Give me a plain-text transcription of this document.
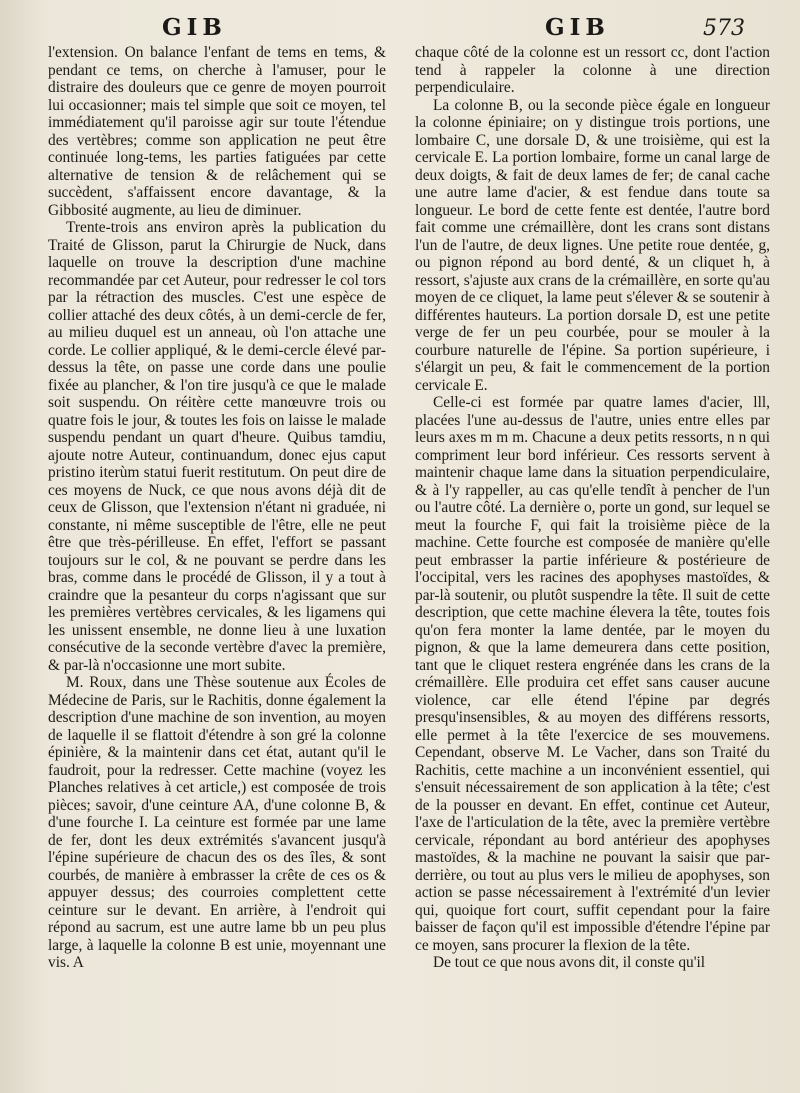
GIB	GIB	573

l'extension. On balance l'enfant de tems en tems, & pendant ce tems, on cherche à l'amuser, pour le distraire des douleurs que ce genre de moyen pourroit lui occasionner; mais tel simple que soit ce moyen, tel immédiatement qu'il paroisse agir sur toute l'étendue des vertèbres; comme son application ne peut être continuée long-tems, les parties fatiguées par cette alternative de tension & de relâchement qui se succèdent, s'affaissent encore davantage, & la Gibbosité augmente, au lieu de diminuer.

Trente-trois ans environ après la publication du Traité de Glisson, parut la Chirurgie de Nuck, dans laquelle on trouve la description d'une machine recommandée par cet Auteur, pour redresser le col tors par la rétraction des muscles. C'est une espèce de collier attaché des deux côtés, à un demi-cercle de fer, au milieu duquel est un anneau, où l'on attache une corde. Le collier appliqué, & le demi-cercle élevé par-dessus la tête, on passe une corde dans une poulie fixée au plancher, & l'on tire jusqu'à ce que le malade soit suspendu. On réitère cette manœuvre trois ou quatre fois le jour, & toutes les fois on laisse le malade suspendu pendant un quart d'heure. Quibus tamdiu, ajoute notre Auteur, continuandum, donec ejus caput pristino iterùm statui fuerit restitutum. On peut dire de ces moyens de Nuck, ce que nous avons déjà dit de ceux de Glisson, que l'extension n'étant ni graduée, ni constante, ni même susceptible de l'être, elle ne peut être que très-périlleuse. En effet, l'effort se passant toujours sur le col, & ne pouvant se perdre dans les bras, comme dans le procédé de Glisson, il y a tout à craindre que la pesanteur du corps n'agissant que sur les premières vertèbres cervicales, & les ligamens qui les unissent ensemble, ne donne lieu à une luxation consécutive de la seconde vertèbre d'avec la première, & par-là n'occasionne une mort subite.

M. Roux, dans une Thèse soutenue aux Écoles de Médecine de Paris, sur le Rachitis, donne également la description d'une machine de son invention, au moyen de laquelle il se flattoit d'étendre à son gré la colonne épinière, & la maintenir dans cet état, autant qu'il le faudroit, pour la redresser. Cette machine (voyez les Planches relatives à cet article,) est composée de trois pièces; savoir, d'une ceinture AA, d'une colonne B, & d'une fourche I. La ceinture est formée par une lame de fer, dont les deux extrémités s'avancent jusqu'à l'épine supérieure de chacun des os des îles, & sont courbés, de manière à embrasser la crête de ces os & appuyer dessus; des courroies complettent cette ceinture sur le devant. En arrière, à l'endroit qui répond au sacrum, est une autre lame bb un peu plus large, à laquelle la colonne B est unie, moyennant une vis. A

chaque côté de la colonne est un ressort cc, dont l'action tend à rappeler la colonne à une direction perpendiculaire.

La colonne B, ou la seconde pièce égale en longueur la colonne épiniaire; on y distingue trois portions, une lombaire C, une dorsale D, & une troisième, qui est la cervicale E. La portion lombaire, forme un canal large de deux doigts, & fait de deux lames de fer; de canal cache une autre lame d'acier, & est fendue dans toute sa longueur. Le bord de cette fente est dentée, l'autre bord fait comme une crémaillère, dont les crans sont distans l'un de l'autre, de deux lignes. Une petite roue dentée, g, ou pignon répond au bord denté, & un cliquet h, à ressort, s'ajuste aux crans de la crémaillère, en sorte qu'au moyen de ce cliquet, la lame peut s'élever & se soutenir à différentes hauteurs. La portion dorsale D, est une petite verge de fer un peu courbée, pour se mouler à la courbure naturelle de l'épine. Sa portion supérieure, i s'élargit un peu, & fait le commencement de la portion cervicale E.

Celle-ci est formée par quatre lames d'acier, lll, placées l'une au-dessus de l'autre, unies entre elles par leurs axes m m m. Chacune a deux petits ressorts, n n qui compriment leur bord inférieur. Ces ressorts servent à maintenir chaque lame dans la situation perpendiculaire, & à l'y rappeller, au cas qu'elle tendît à pencher de l'un ou l'autre côté. La dernière o, porte un gond, sur lequel se meut la fourche F, qui fait la troisième pièce de la machine. Cette fourche est composée de manière qu'elle peut embrasser la partie inférieure & postérieure de l'occipital, vers les racines des apophyses mastoïdes, & par-là soutenir, ou plutôt suspendre la tête. Il suit de cette description, que cette machine élevera la tête, toutes fois qu'on fera monter la lame dentée, par le moyen du pignon, & que la lame demeurera dans cette position, tant que le cliquet restera engrénée dans les crans de la crémaillère. Elle produira cet effet sans causer aucune violence, car elle étend l'épine par degrés presqu'insensibles, & au moyen des différens ressorts, elle permet à la tête l'exercice de ses mouvemens. Cependant, observe M. Le Vacher, dans son Traité du Rachitis, cette machine a un inconvénient essentiel, qui s'ensuit nécessairement de son application à la tête; c'est de la pousser en devant. En effet, continue cet Auteur, l'axe de l'articulation de la tête, avec la première vertèbre cervicale, répondant au bord antérieur des apophyses mastoïdes, & la machine ne pouvant la saisir que par-derrière, ou tout au plus vers le milieu de apophyses, son action se passe nécessairement à l'extrémité d'un levier qui, quoique fort court, suffit cependant pour la faire baisser de façon qu'il est impossible d'étendre l'épine par ce moyen, sans procurer la flexion de la tête.

De tout ce que nous avons dit, il conste qu'il
